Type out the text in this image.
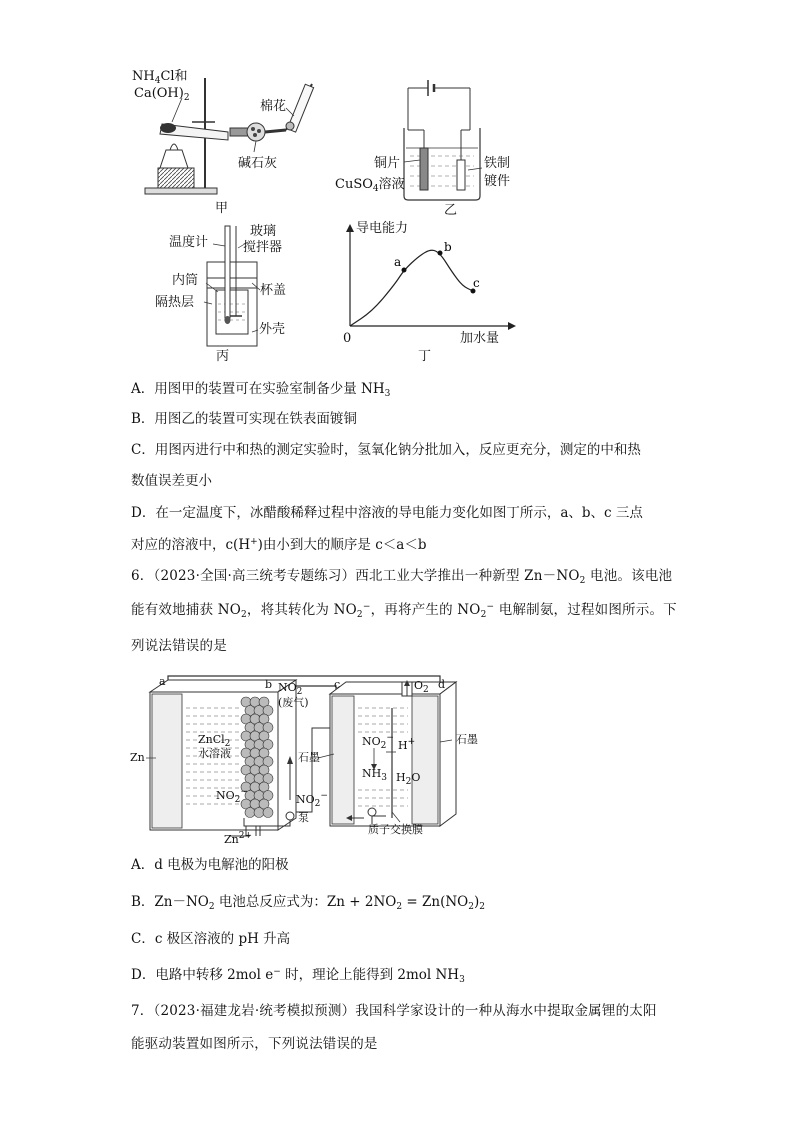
$NH_4Cl$和
$Ca(OH)_2$
棉花
碱石灰
甲
铜片
CuSO$_4$溶液
铁制
镀件
乙
温度计
玻璃
搅拌器
内筒
杯盖
隔热层
外壳
丙
a
b
c
导电能力
加水量
0
丁
A．用图甲的装置可在实验室制备少量 $NH_3$
B．用图乙的装置可实现在铁表面镀铜
C．用图丙进行中和热的测定实验时，氢氧化钠分批加入，反应更充分，测定的中和热
数值误差更小
D．在一定温度下，冰醋酸稀释过程中溶液的导电能力变化如图丁所示，a、b、c 三点
对应的溶液中，c(H+)由小到大的顺序是 c＜a＜b
6．（2023·全国·高三统考专题练习）西北工业大学推出一种新型 $Zn-NO_2$ 电池。该电池
能有效地捕获 $NO_2$，将其转化为 $NO_2^-$，再将产生的 $NO_2^-$ 电解制氨，过程如图所示。下
列说法错误的是
a	b	c	d
$NO_2$
(废气)
ZnCl$_2$
水溶液
Zn
$NO_2^-$
$NO_2^-$
$Zn^{2+}$
泵
石墨
石墨
$O_2$
H+
$NO_2^-$
$NH_3$ $H_2O$
质子交换膜
A．d 电极为电解池的阳极
B．$Zn-NO_2$ 电池总反应式为：$Zn + 2NO_2 = Zn(NO_2)_2$
C．c 极区溶液的 pH 升高
D．电路中转移 2mol e− 时，理论上能得到 2mol $NH_3$
7．（2023·福建龙岩·统考模拟预测）我国科学家设计的一种从海水中提取金属锂的太阳
能驱动装置如图所示，下列说法错误的是
